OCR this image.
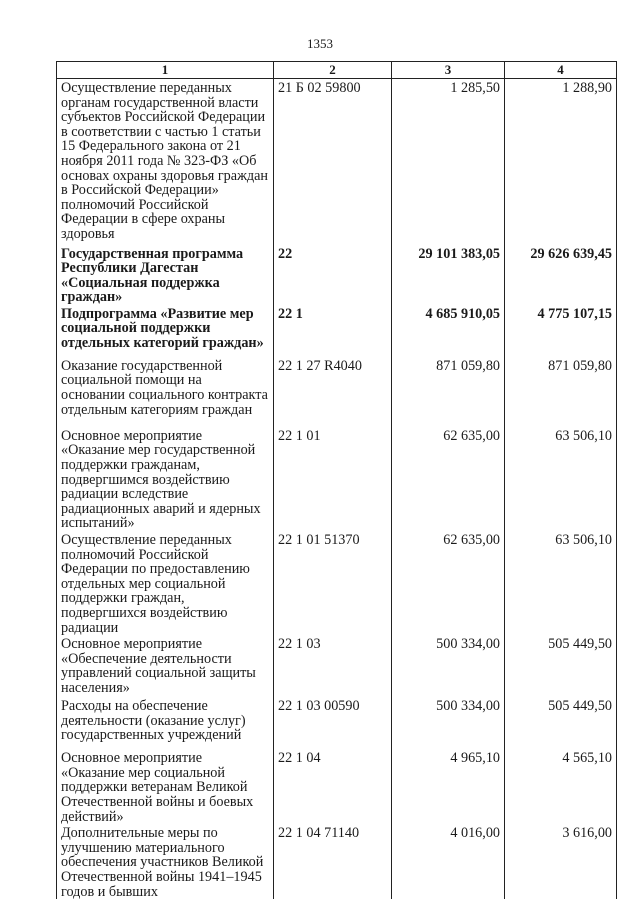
1353
1	2	3	4
Осуществление переданных органам государственной власти субъектов Российской Федерации в соответствии с частью 1 статьи 15 Федерального закона от 21 ноября 2011 года № 323-ФЗ «Об основах охраны здоровья граждан в Российской Федерации» полномочий Российской Федерации в сфере охраны здоровья	21 Б 02 59800	1 285,50	1 288,90
Государственная программа Республики Дагестан «Социальная поддержка граждан»	22	29 101 383,05	29 626 639,45
Подпрограмма «Развитие мер социальной поддержки отдельных категорий граждан»	22 1	4 685 910,05	4 775 107,15
Оказание государственной социальной помощи на основании социального контракта отдельным категориям граждан	22 1 27 R4040	871 059,80	871 059,80
Основное мероприятие «Оказание мер государственной поддержки гражданам, подвергшимся воздействию радиации вследствие радиационных аварий и ядерных испытаний»	22 1 01	62 635,00	63 506,10
Осуществление переданных полномочий Российской Федерации по предоставлению отдельных мер социальной поддержки граждан, подвергшихся воздействию радиации	22 1 01 51370	62 635,00	63 506,10
Основное мероприятие «Обеспечение деятельности управлений социальной защиты населения»	22 1 03	500 334,00	505 449,50
Расходы на обеспечение деятельности (оказание услуг) государственных учреждений	22 1 03 00590	500 334,00	505 449,50
Основное мероприятие «Оказание мер социальной поддержки ветеранам Великой Отечественной войны и боевых действий»	22 1 04	4 965,10	4 565,10
Дополнительные меры по улучшению материального обеспечения участников Великой Отечественной войны 1941–1945 годов и бывших	22 1 04 71140	4 016,00	3 616,00
